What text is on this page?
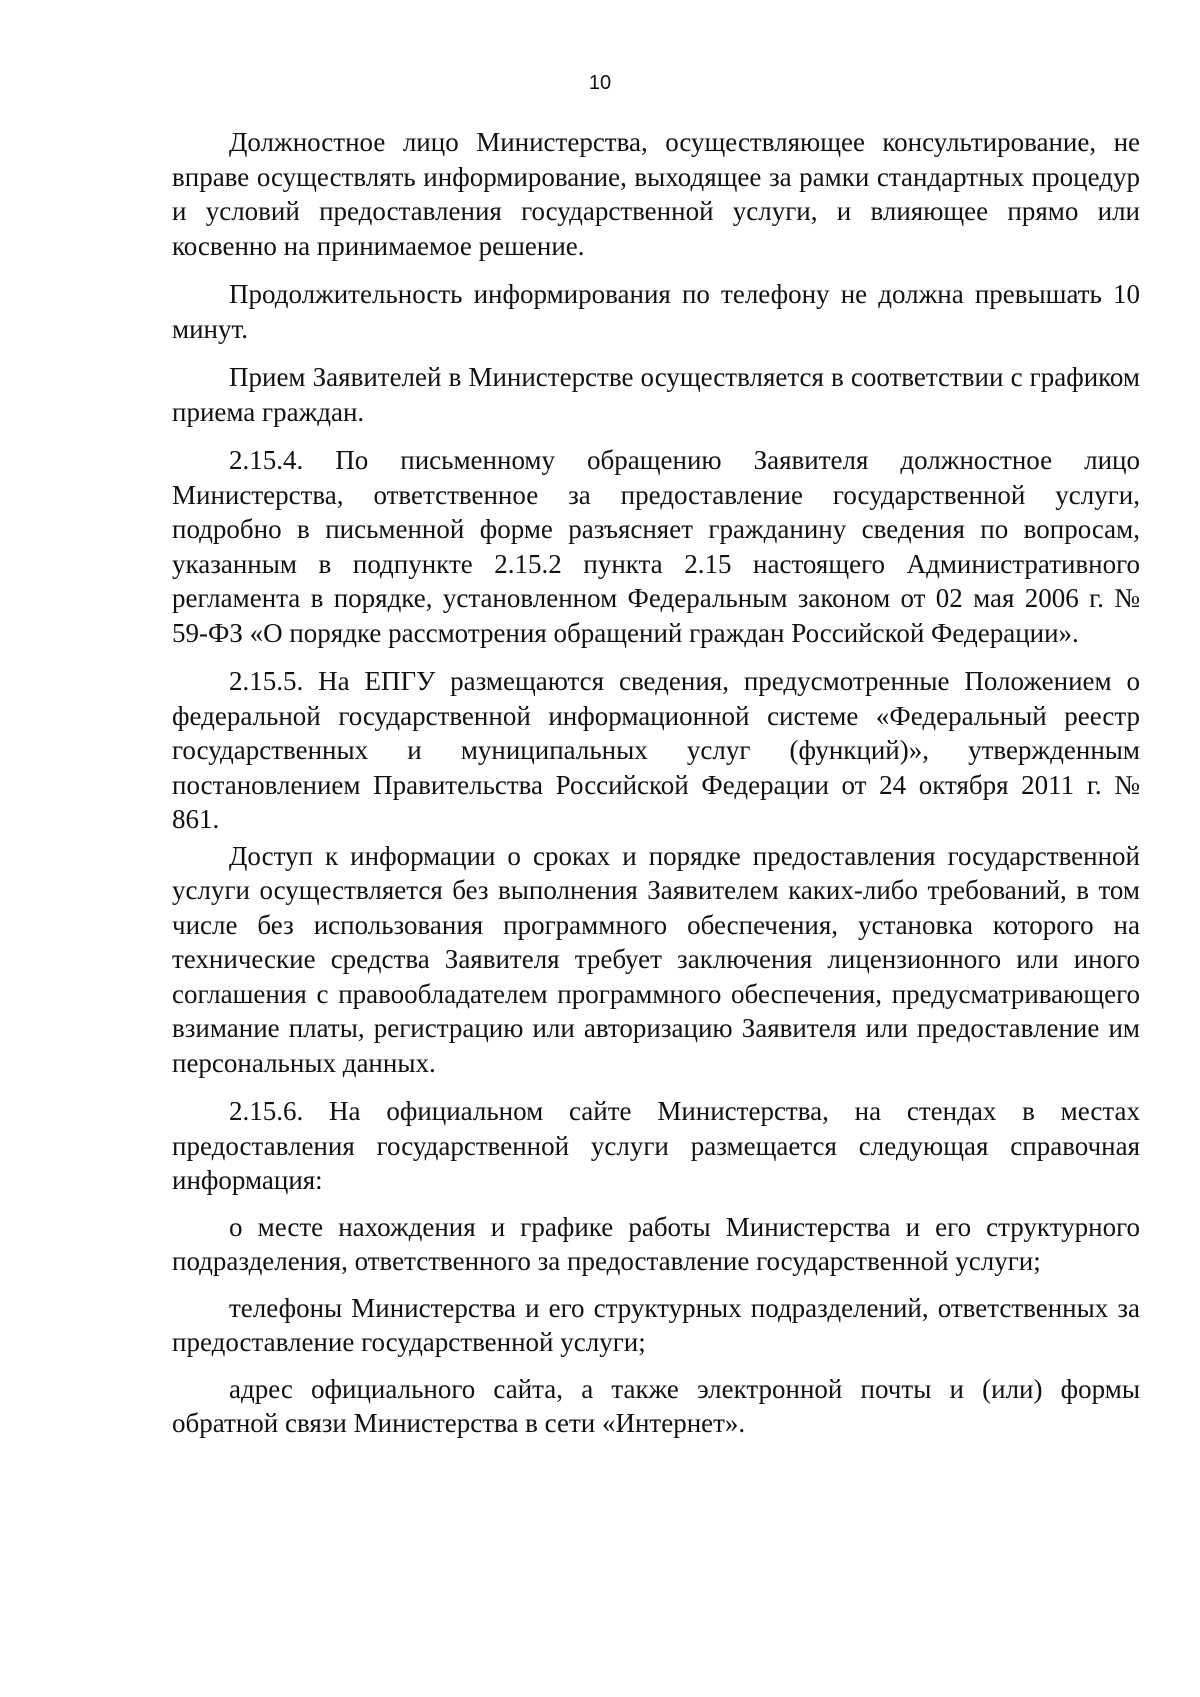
10

Должностное лицо Министерства, осуществляющее консультирование, не вправе осуществлять информирование, выходящее за рамки стандартных процедур и условий предоставления государственной услуги, и влияющее прямо или косвенно на принимаемое решение.

Продолжительность информирования по телефону не должна превышать 10 минут.

Прием Заявителей в Министерстве осуществляется в соответствии с графиком приема граждан.

2.15.4. По письменному обращению Заявителя должностное лицо Министерства, ответственное за предоставление государственной услуги, подробно в письменной форме разъясняет гражданину сведения по вопросам, указанным в подпункте 2.15.2 пункта 2.15 настоящего Административного регламента в порядке, установленном Федеральным законом от 02 мая 2006 г. № 59-ФЗ «О порядке рассмотрения обращений граждан Российской Федерации».

2.15.5. На ЕПГУ размещаются сведения, предусмотренные Положением о федеральной государственной информационной системе «Федеральный реестр государственных и муниципальных услуг (функций)», утвержденным постановлением Правительства Российской Федерации от 24 октября 2011 г. № 861.

Доступ к информации о сроках и порядке предоставления государственной услуги осуществляется без выполнения Заявителем каких-либо требований, в том числе без использования программного обеспечения, установка которого на технические средства Заявителя требует заключения лицензионного или иного соглашения с правообладателем программного обеспечения, предусматривающего взимание платы, регистрацию или авторизацию Заявителя или предоставление им персональных данных.

2.15.6. На официальном сайте Министерства, на стендах в местах предоставления государственной услуги размещается следующая справочная информация:

о месте нахождения и графике работы Министерства и его структурного подразделения, ответственного за предоставление государственной услуги;

телефоны Министерства и его структурных подразделений, ответственных за предоставление государственной услуги;

адрес официального сайта, а также электронной почты и (или) формы обратной связи Министерства в сети «Интернет».
